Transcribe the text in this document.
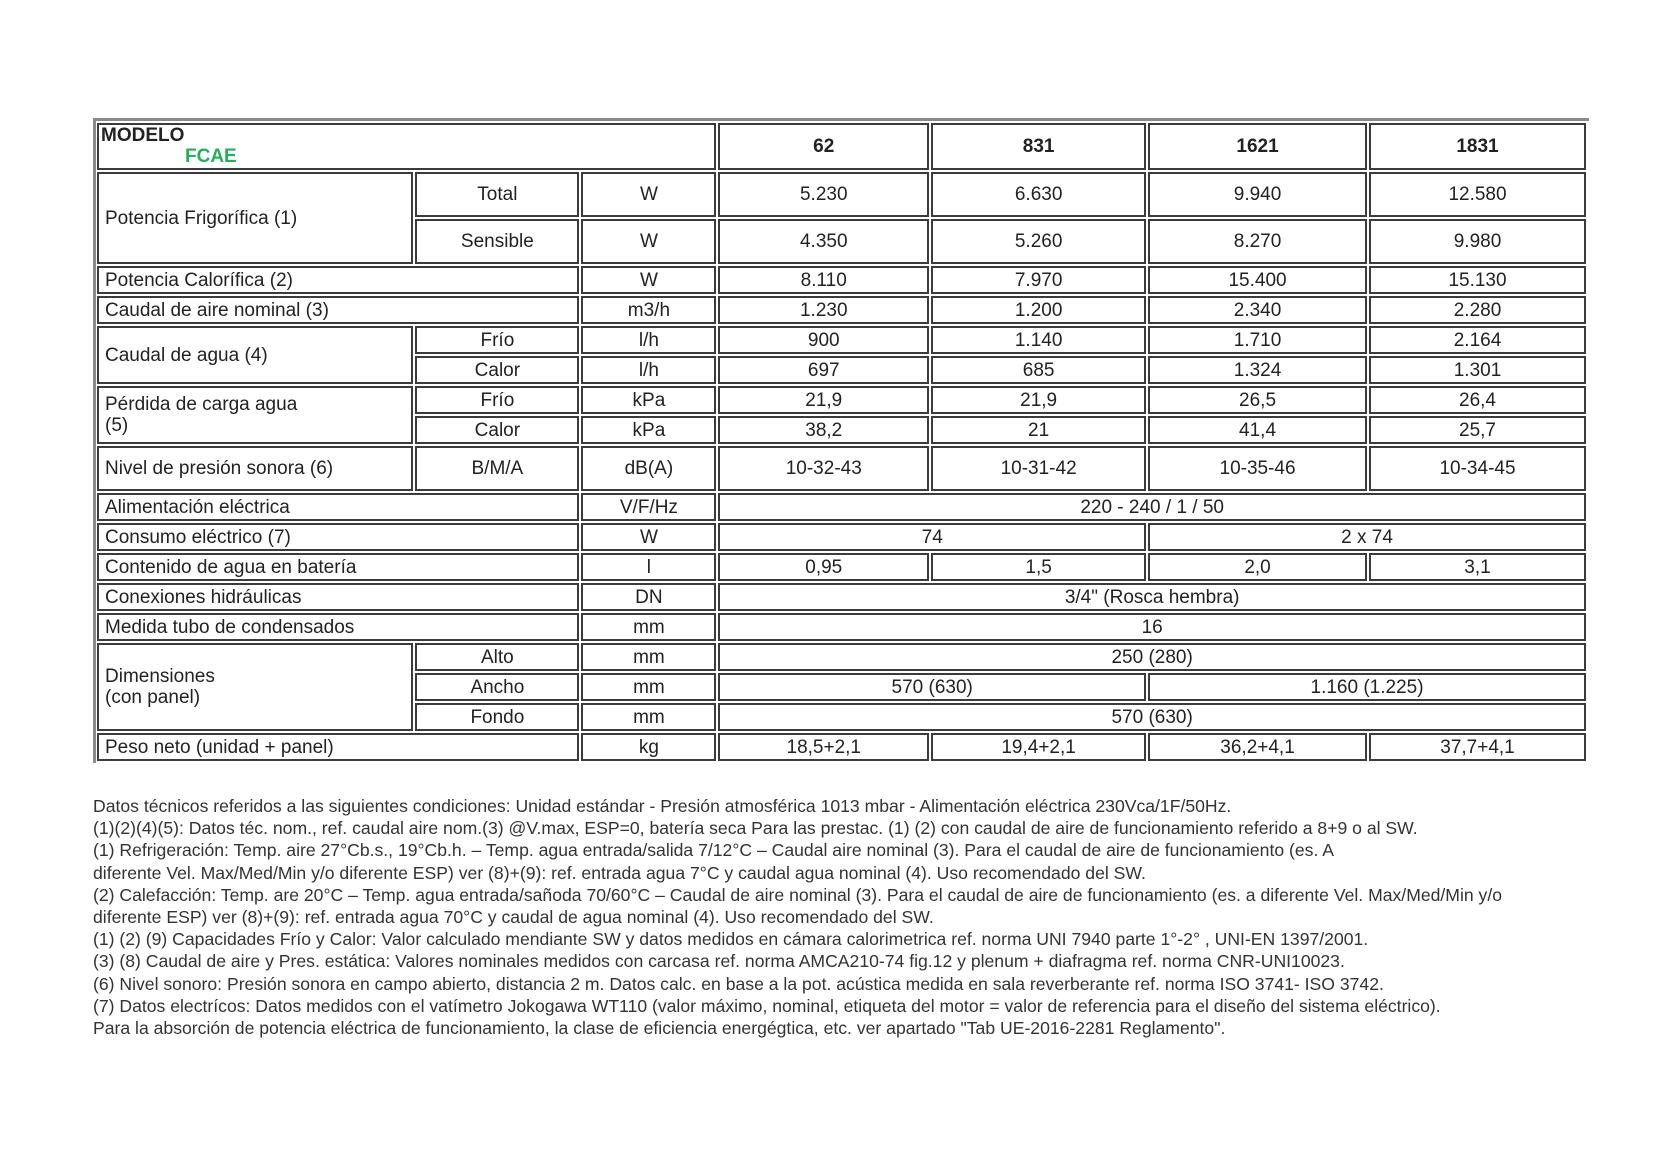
MODELO
FCAE			62	831	1621	1831
Potencia Frigorífica (1)	Total	W	5.230	6.630	9.940	12.580
	Sensible	W	4.350	5.260	8.270	9.980
Potencia Calorífica (2)		W	8.110	7.970	15.400	15.130
Caudal de aire nominal (3)		m3/h	1.230	1.200	2.340	2.280
Caudal de agua (4)	Frío	l/h	900	1.140	1.710	2.164
	Calor	l/h	697	685	1.324	1.301
Pérdida de carga agua
(5)	Frío	kPa	21,9	21,9	26,5	26,4
	Calor	kPa	38,2	21	41,4	25,7
Nivel de presión sonora (6)	B/M/A	dB(A)	10-32-43	10-31-42	10-35-46	10-34-45
Alimentación eléctrica		V/F/Hz	220 - 240 / 1 / 50			
Consumo eléctrico (7)		W	74		2 x 74	
Contenido de agua en batería		l	0,95	1,5	2,0	3,1
Conexiones hidráulicas		DN	3/4" (Rosca hembra)			
Medida tubo de condensados		mm	16			
Dimensiones
(con panel)	Alto	mm	250 (280)			
	Ancho	mm	570 (630)		1.160 (1.225)	
	Fondo	mm	570 (630)			
Peso neto (unidad + panel)		kg	18,5+2,1	19,4+2,1	36,2+4,1	37,7+4,1

Datos técnicos referidos a las siguientes condiciones: Unidad estándar - Presión atmosférica 1013 mbar - Alimentación eléctrica 230Vca/1F/50Hz.

(1)(2)(4)(5): Datos téc. nom., ref. caudal aire nom.(3) @V.max, ESP=0, batería seca Para las prestac. (1) (2) con caudal de aire de funcionamiento referido a 8+9 o al SW.

(1) Refrigeración: Temp. aire 27°Cb.s., 19°Cb.h. – Temp. agua entrada/salida 7/12°C – Caudal aire nominal (3). Para el caudal de aire de funcionamiento (es. A

diferente Vel. Max/Med/Min y/o diferente ESP) ver (8)+(9): ref. entrada agua 7°C y caudal agua nominal (4). Uso recomendado del SW.

(2) Calefacción: Temp. are 20°C – Temp. agua entrada/sañoda 70/60°C – Caudal de aire nominal (3). Para el caudal de aire de funcionamiento (es. a diferente Vel. Max/Med/Min y/o

diferente ESP) ver (8)+(9): ref. entrada agua 70°C y caudal de agua nominal (4). Uso recomendado del SW.

(1) (2) (9) Capacidades Frío y Calor: Valor calculado mendiante SW y datos medidos en cámara calorimetrica ref. norma UNI 7940 parte 1°-2° , UNI-EN 1397/2001.

(3) (8) Caudal de aire y Pres. estática: Valores nominales medidos con carcasa ref. norma AMCA210-74 fig.12 y plenum + diafragma ref. norma CNR-UNI10023.

(6) Nivel sonoro: Presión sonora en campo abierto, distancia 2 m. Datos calc. en base a la pot. acústica medida en sala reverberante ref. norma ISO 3741- ISO 3742.

(7) Datos electrícos: Datos medidos con el vatímetro Jokogawa WT110 (valor máximo, nominal, etiqueta del motor = valor de referencia para el diseño del sistema eléctrico).

Para la absorción de potencia eléctrica de funcionamiento, la clase de eficiencia energégtica, etc. ver apartado "Tab UE-2016-2281 Reglamento".
